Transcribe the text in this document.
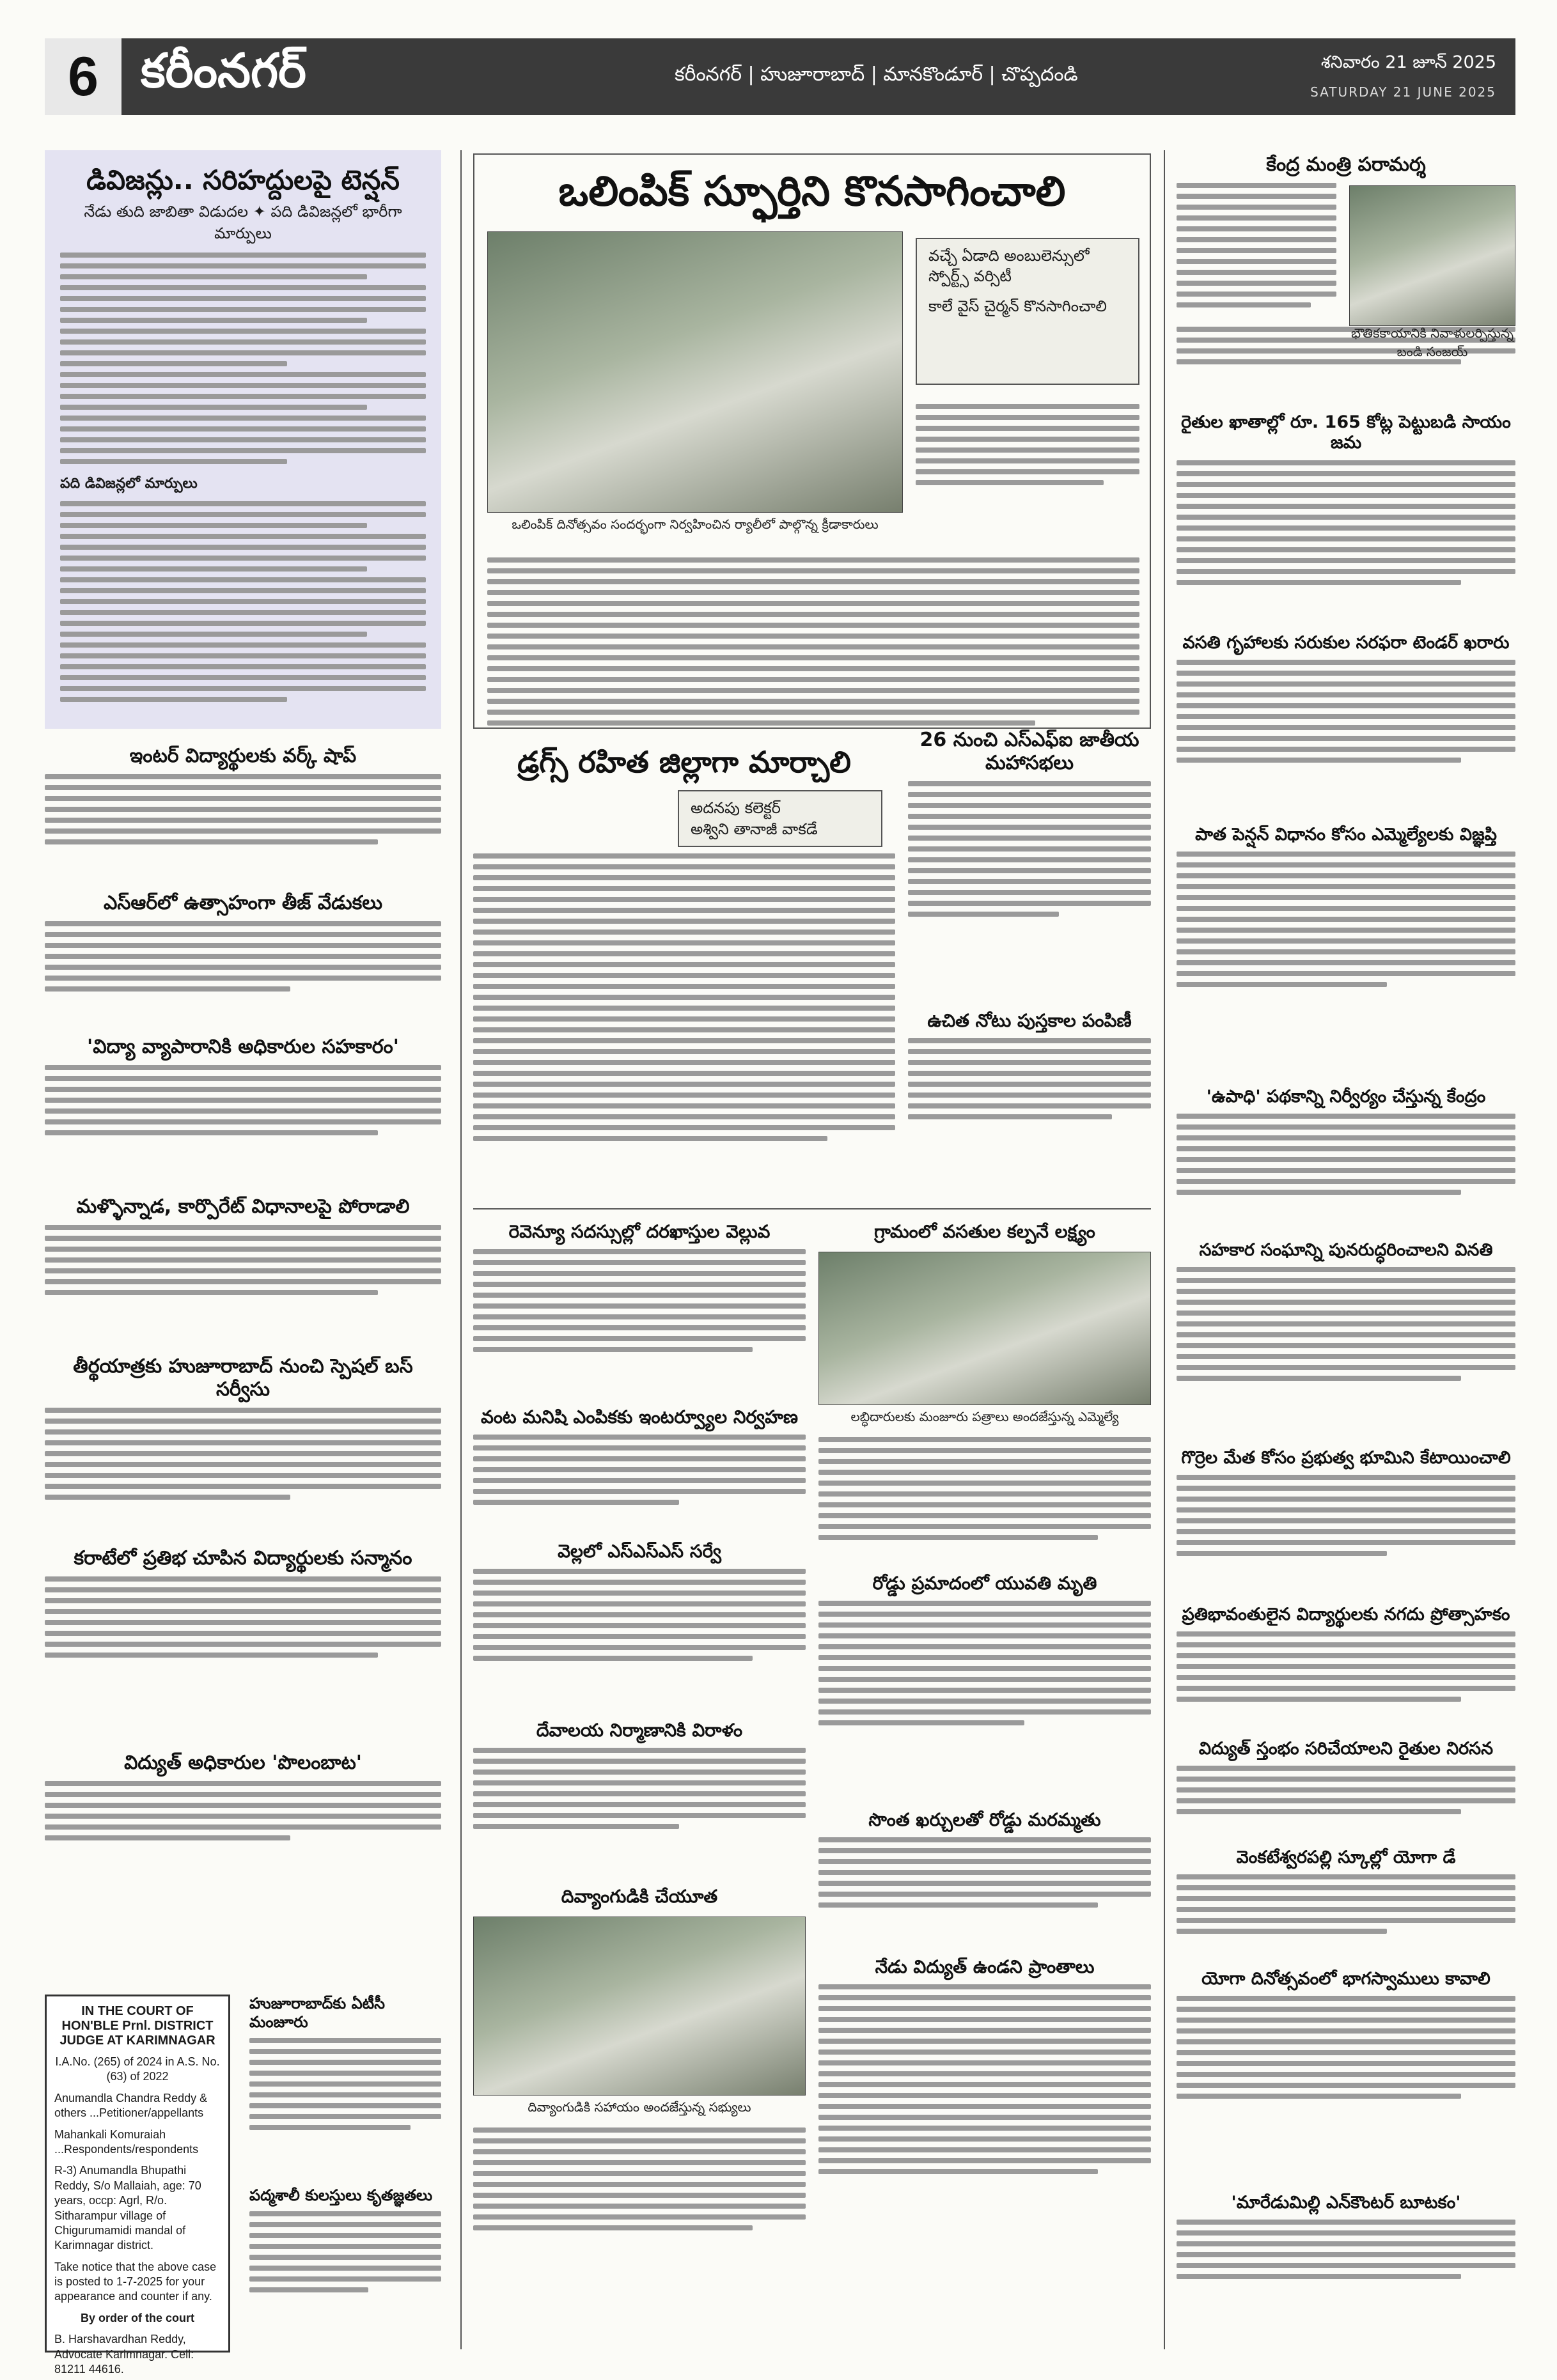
6 కరీంనగర్	కరీంనగర్ | హుజూరాబాద్ | మానకొండూర్ | చొప్పదండి
శనివారం 21 జూన్ 2025
SATURDAY 21 JUNE 2025
డివిజన్లు.. సరిహద్దులపై టెన్షన్
నేడు తుది జాబితా విడుదల ✦ పది డివిజన్లలో భారీగా మార్పులు
పది డివిజన్లలో మార్పులు
ఇంటర్ విద్యార్థులకు వర్క్ షాప్
ఎస్ఆర్‌లో ఉత్సాహంగా తీజ్ వేడుకలు
'విద్యా వ్యాపారానికి అధికారుల సహకారం'
మళ్ళొన్నాడ, కార్పొరేట్ విధానాలపై పోరాడాలి
తీర్థయాత్రకు హుజూరాబాద్ నుంచి స్పెషల్ బస్ సర్వీసు
కరాటేలో ప్రతిభ చూపిన విద్యార్థులకు సన్మానం
విద్యుత్ అధికారుల 'పొలంబాట'
IN THE COURT OF HON'BLE Prnl. DISTRICT JUDGE AT KARIMNAGAR
I.A.No. (265) of 2024 in A.S. No. (63) of 2022
Anumandla Chandra Reddy & others ...Petitioner/appellants
Mahankali Komuraiah ...Respondents/respondents
R-3) Anumandla Bhupathi Reddy, S/o Mallaiah, age: 70 years, occp: Agrl, R/o. Sitharampur village of Chigurumamidi mandal of Karimnagar district.
Take notice that the above case is posted to 1-7-2025 for your appearance and counter if any.
By order of the court
B. Harshavardhan Reddy, Advocate Karimnagar. Cell: 81211 44616.
హుజూరాబాద్‌కు ఏటీసీ మంజూరు
పద్మశాలీ కులస్తులు కృతజ్ఞతలు
ఒలింపిక్ స్ఫూర్తిని కొనసాగించాలి
ఒలింపిక్ దినోత్సవం సందర్భంగా నిర్వహించిన ర్యాలీలో పాల్గొన్న క్రీడాకారులు
వచ్చే ఏడాది అంబులెన్సులో స్పోర్ట్స్ వర్సిటీ
కాలే వైస్ చైర్మన్ కొనసాగించాలి
డ్రగ్స్ రహిత జిల్లాగా మార్చాలి
అదనపు కలెక్టర్
అశ్విని తానాజీ వాకడే
26 నుంచి ఎస్ఎఫ్ఐ జాతీయ మహాసభలు
ఉచిత నోటు పుస్తకాల పంపిణీ
రెవెన్యూ సదస్సుల్లో దరఖాస్తుల వెల్లువ
వంట మనిషి ఎంపికకు ఇంటర్వ్యూల నిర్వహణ
వెల్లలో ఎస్ఎస్ఎస్ సర్వే
దేవాలయ నిర్మాణానికి విరాళం
దివ్యాంగుడికి చేయూత
దివ్యాంగుడికి సహాయం అందజేస్తున్న సభ్యులు
గ్రామంలో వసతుల కల్పనే లక్ష్యం
లబ్ధిదారులకు మంజూరు పత్రాలు అందజేస్తున్న ఎమ్మెల్యే
రోడ్డు ప్రమాదంలో యువతి మృతి
సొంత ఖర్చులతో రోడ్డు మరమ్మతు
నేడు విద్యుత్ ఉండని ప్రాంతాలు
కేంద్ర మంత్రి పరామర్శ
భౌతికకాయానికి నివాళులర్పిస్తున్న బండి సంజయ్
రైతుల ఖాతాల్లో రూ. 165 కోట్ల పెట్టుబడి సాయం జమ
వసతి గృహాలకు సరుకుల సరఫరా టెండర్ ఖరారు
పాత పెన్షన్ విధానం కోసం ఎమ్మెల్యేలకు విజ్ఞప్తి
'ఉపాధి' పథకాన్ని నిర్వీర్యం చేస్తున్న కేంద్రం
సహకార సంఘాన్ని పునరుద్ధరించాలని వినతి
గొర్రెల మేత కోసం ప్రభుత్వ భూమిని కేటాయించాలి
ప్రతిభావంతులైన విద్యార్థులకు నగదు ప్రోత్సాహకం
విద్యుత్ స్తంభం సరిచేయాలని రైతుల నిరసన
వెంకటేశ్వరపల్లి స్కూల్లో యోగా డే
యోగా దినోత్సవంలో భాగస్వాములు కావాలి
'మారేడుమిల్లి ఎన్‌కౌంటర్ బూటకం'
